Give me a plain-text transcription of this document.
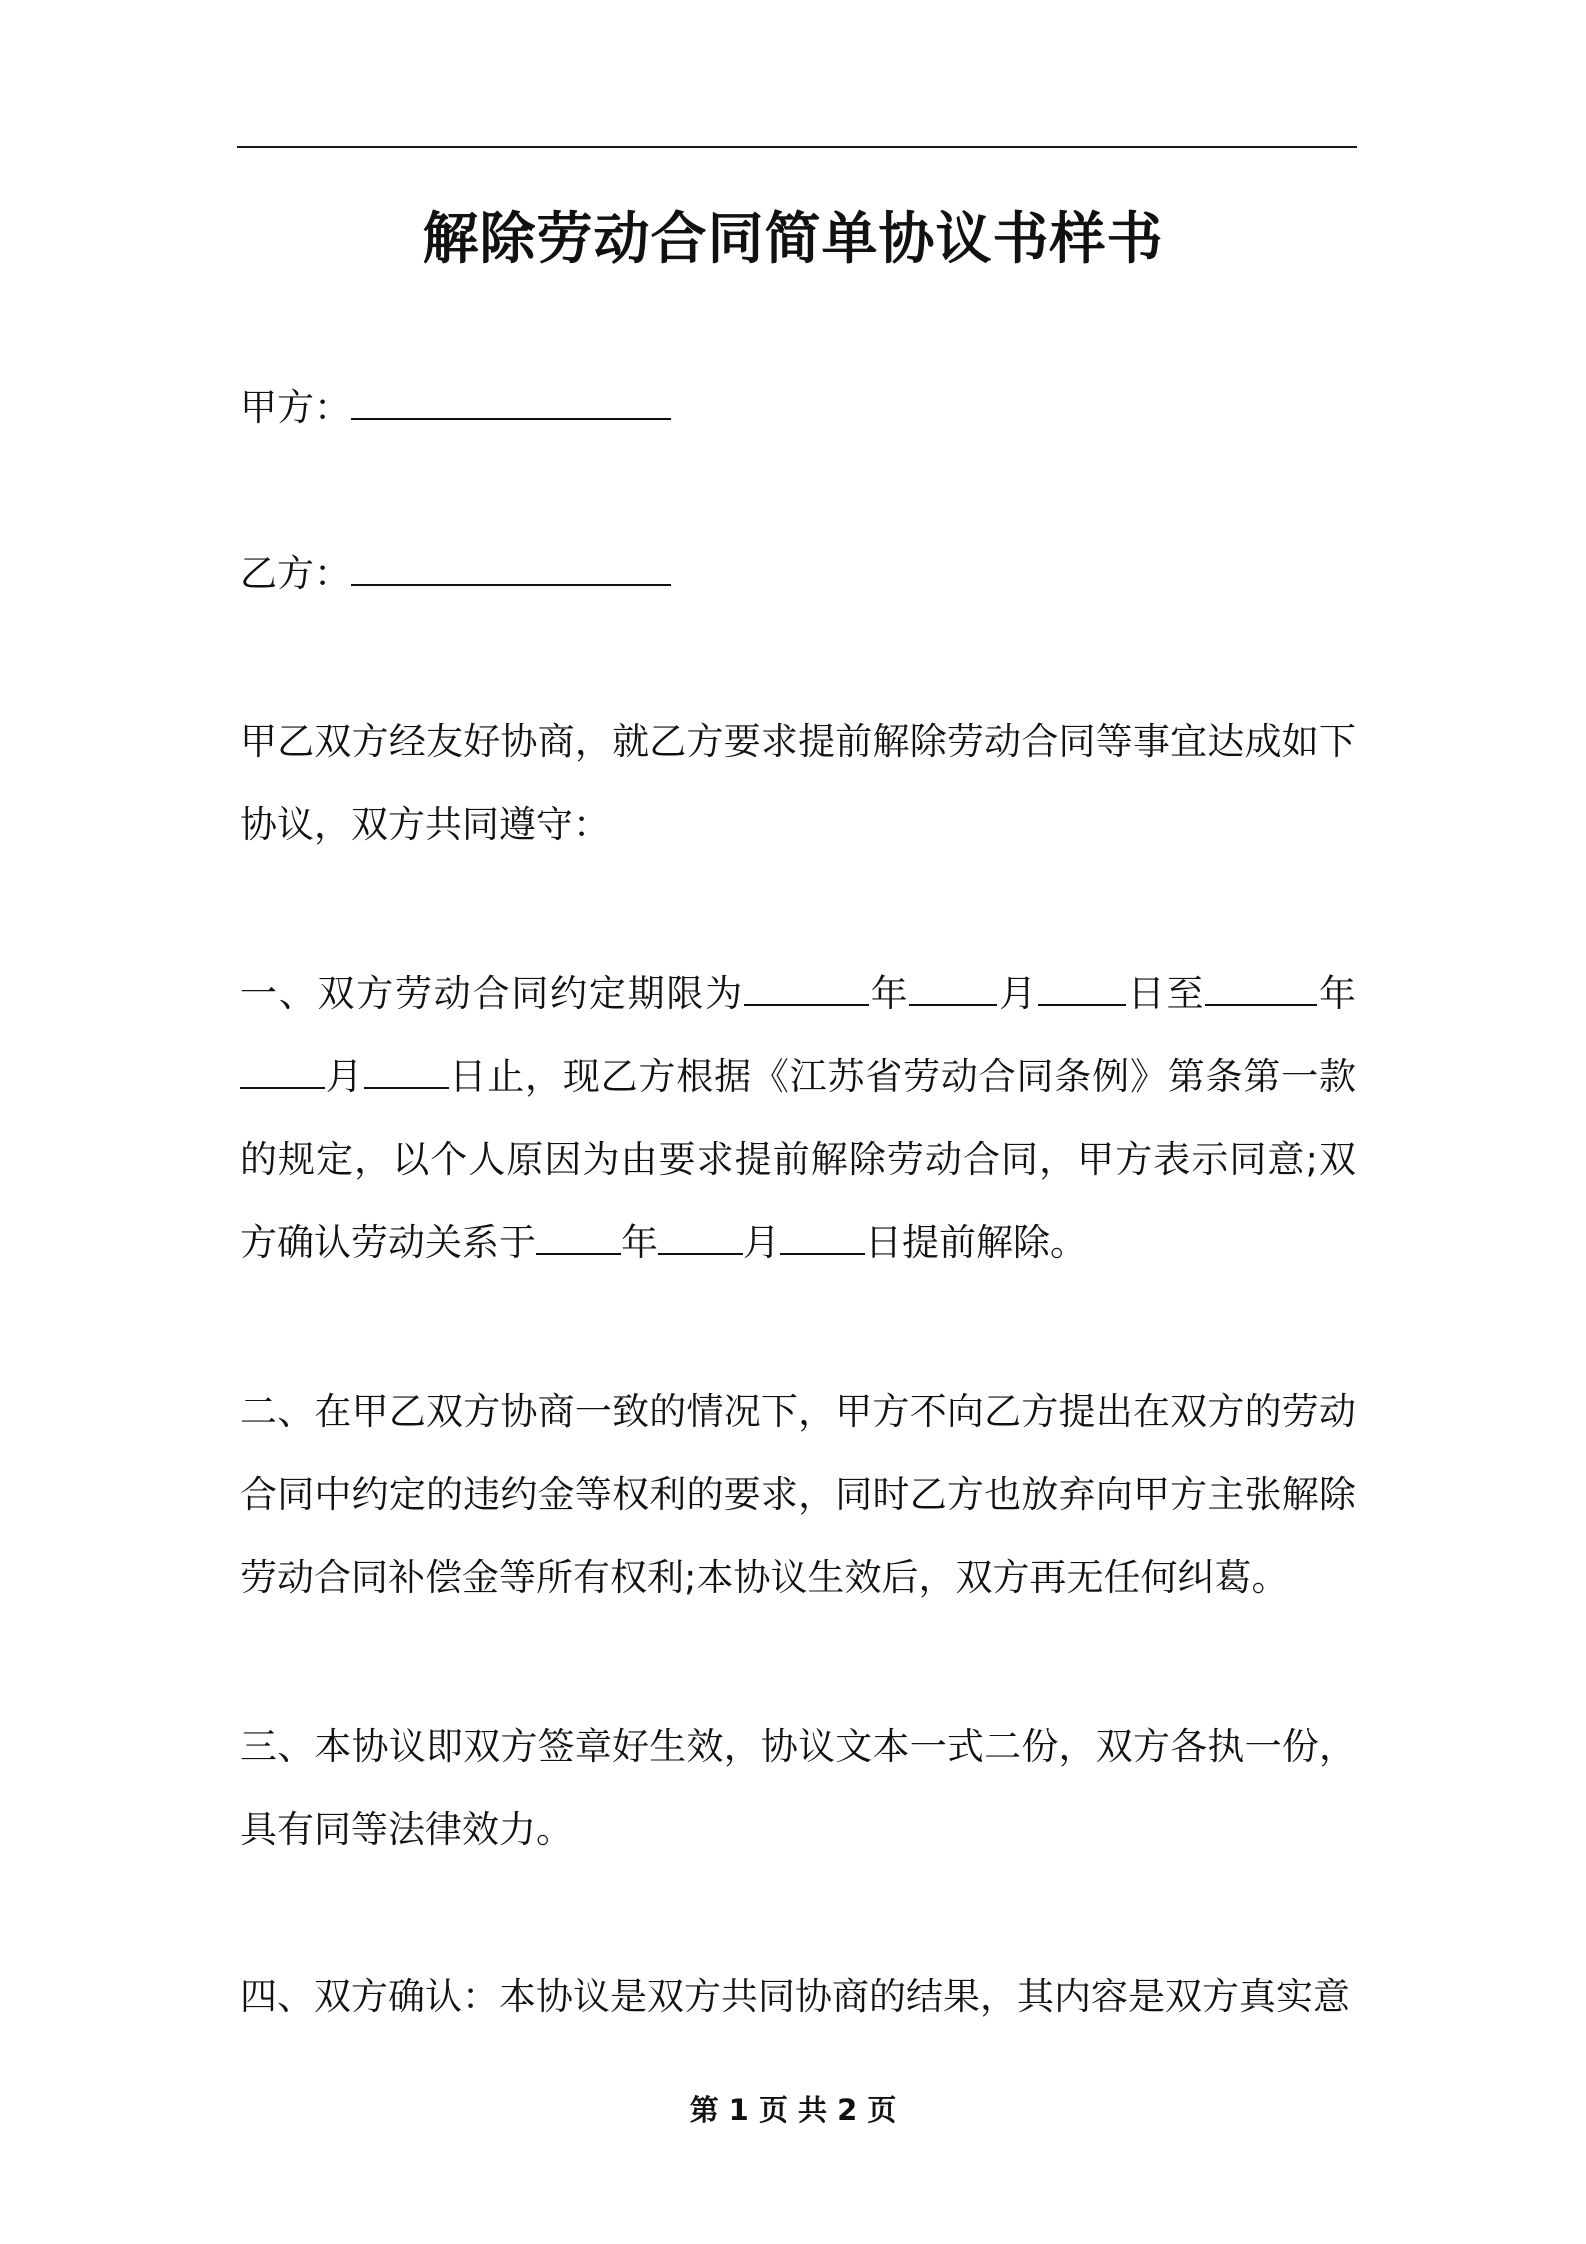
解除劳动合同简单协议书样书

甲方：

乙方：

甲乙双方经友好协商，就乙方要求提前解除劳动合同等事宜达成如下协议，双方共同遵守：

一、双方劳动合同约定期限为	年 月 日至	年月 日止，现乙方根据《江苏省劳动合同条例》第条第一款的规定，以个人原因为由要求提前解除劳动合同，甲方表示同意;双方确认劳动关系于 年 月 日提前解除。

二、在甲乙双方协商一致的情况下，甲方不向乙方提出在双方的劳动合同中约定的违约金等权利的要求，同时乙方也放弃向甲方主张解除劳动合同补偿金等所有权利;本协议生效后，双方再无任何纠葛。

三、本协议即双方签章好生效，协议文本一式二份，双方各执一份，具有同等法律效力。

四、双方确认：本协议是双方共同协商的结果，其内容是双方真实意

第 1 页 共 2 页
